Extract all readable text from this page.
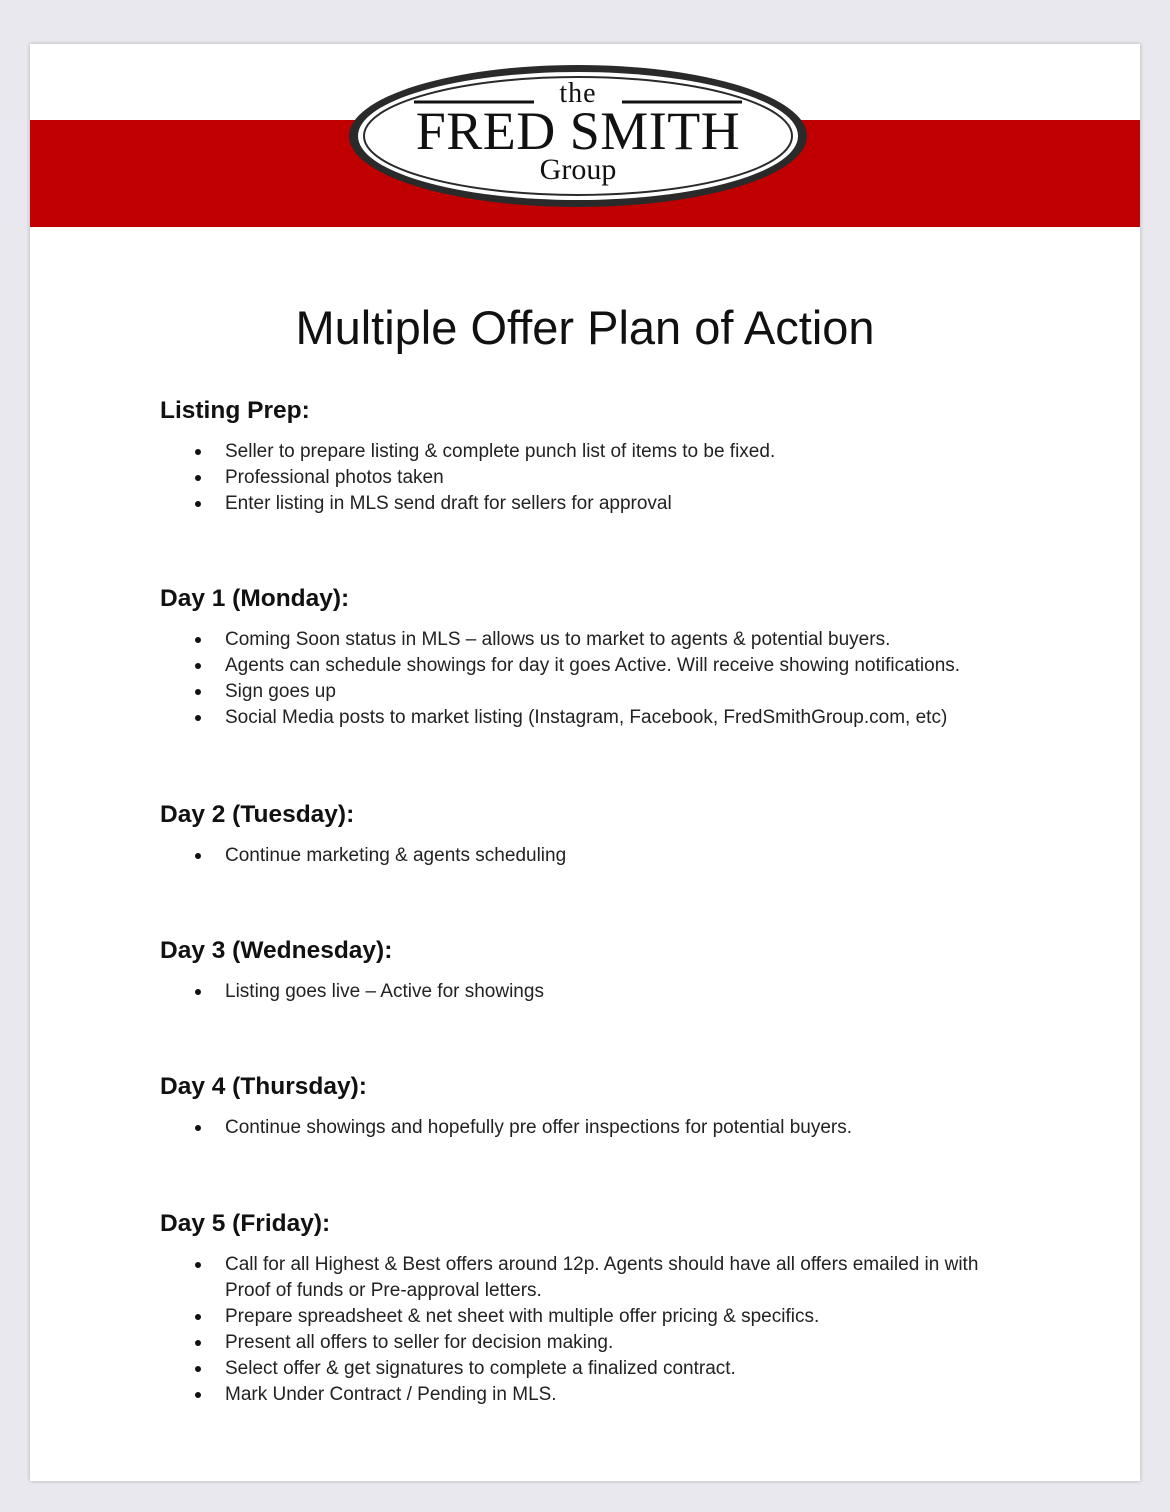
the
FRED SMITH
Group
Multiple Offer Plan of Action
Listing Prep:
Seller to prepare listing & complete punch list of items to be fixed.
Professional photos taken
Enter listing in MLS send draft for sellers for approval
Day 1 (Monday):
Coming Soon status in MLS – allows us to market to agents & potential buyers.
Agents can schedule showings for day it goes Active. Will receive showing notifications.
Sign goes up
Social Media posts to market listing (Instagram, Facebook, FredSmithGroup.com, etc)
Day 2 (Tuesday):
Continue marketing & agents scheduling
Day 3 (Wednesday):
Listing goes live – Active for showings
Day 4 (Thursday):
Continue showings and hopefully pre offer inspections for potential buyers.
Day 5 (Friday):
Call for all Highest & Best offers around 12p. Agents should have all offers emailed in with Proof of funds or Pre-approval letters.
Prepare spreadsheet & net sheet with multiple offer pricing & specifics.
Present all offers to seller for decision making.
Select offer & get signatures to complete a finalized contract.
Mark Under Contract / Pending in MLS.
